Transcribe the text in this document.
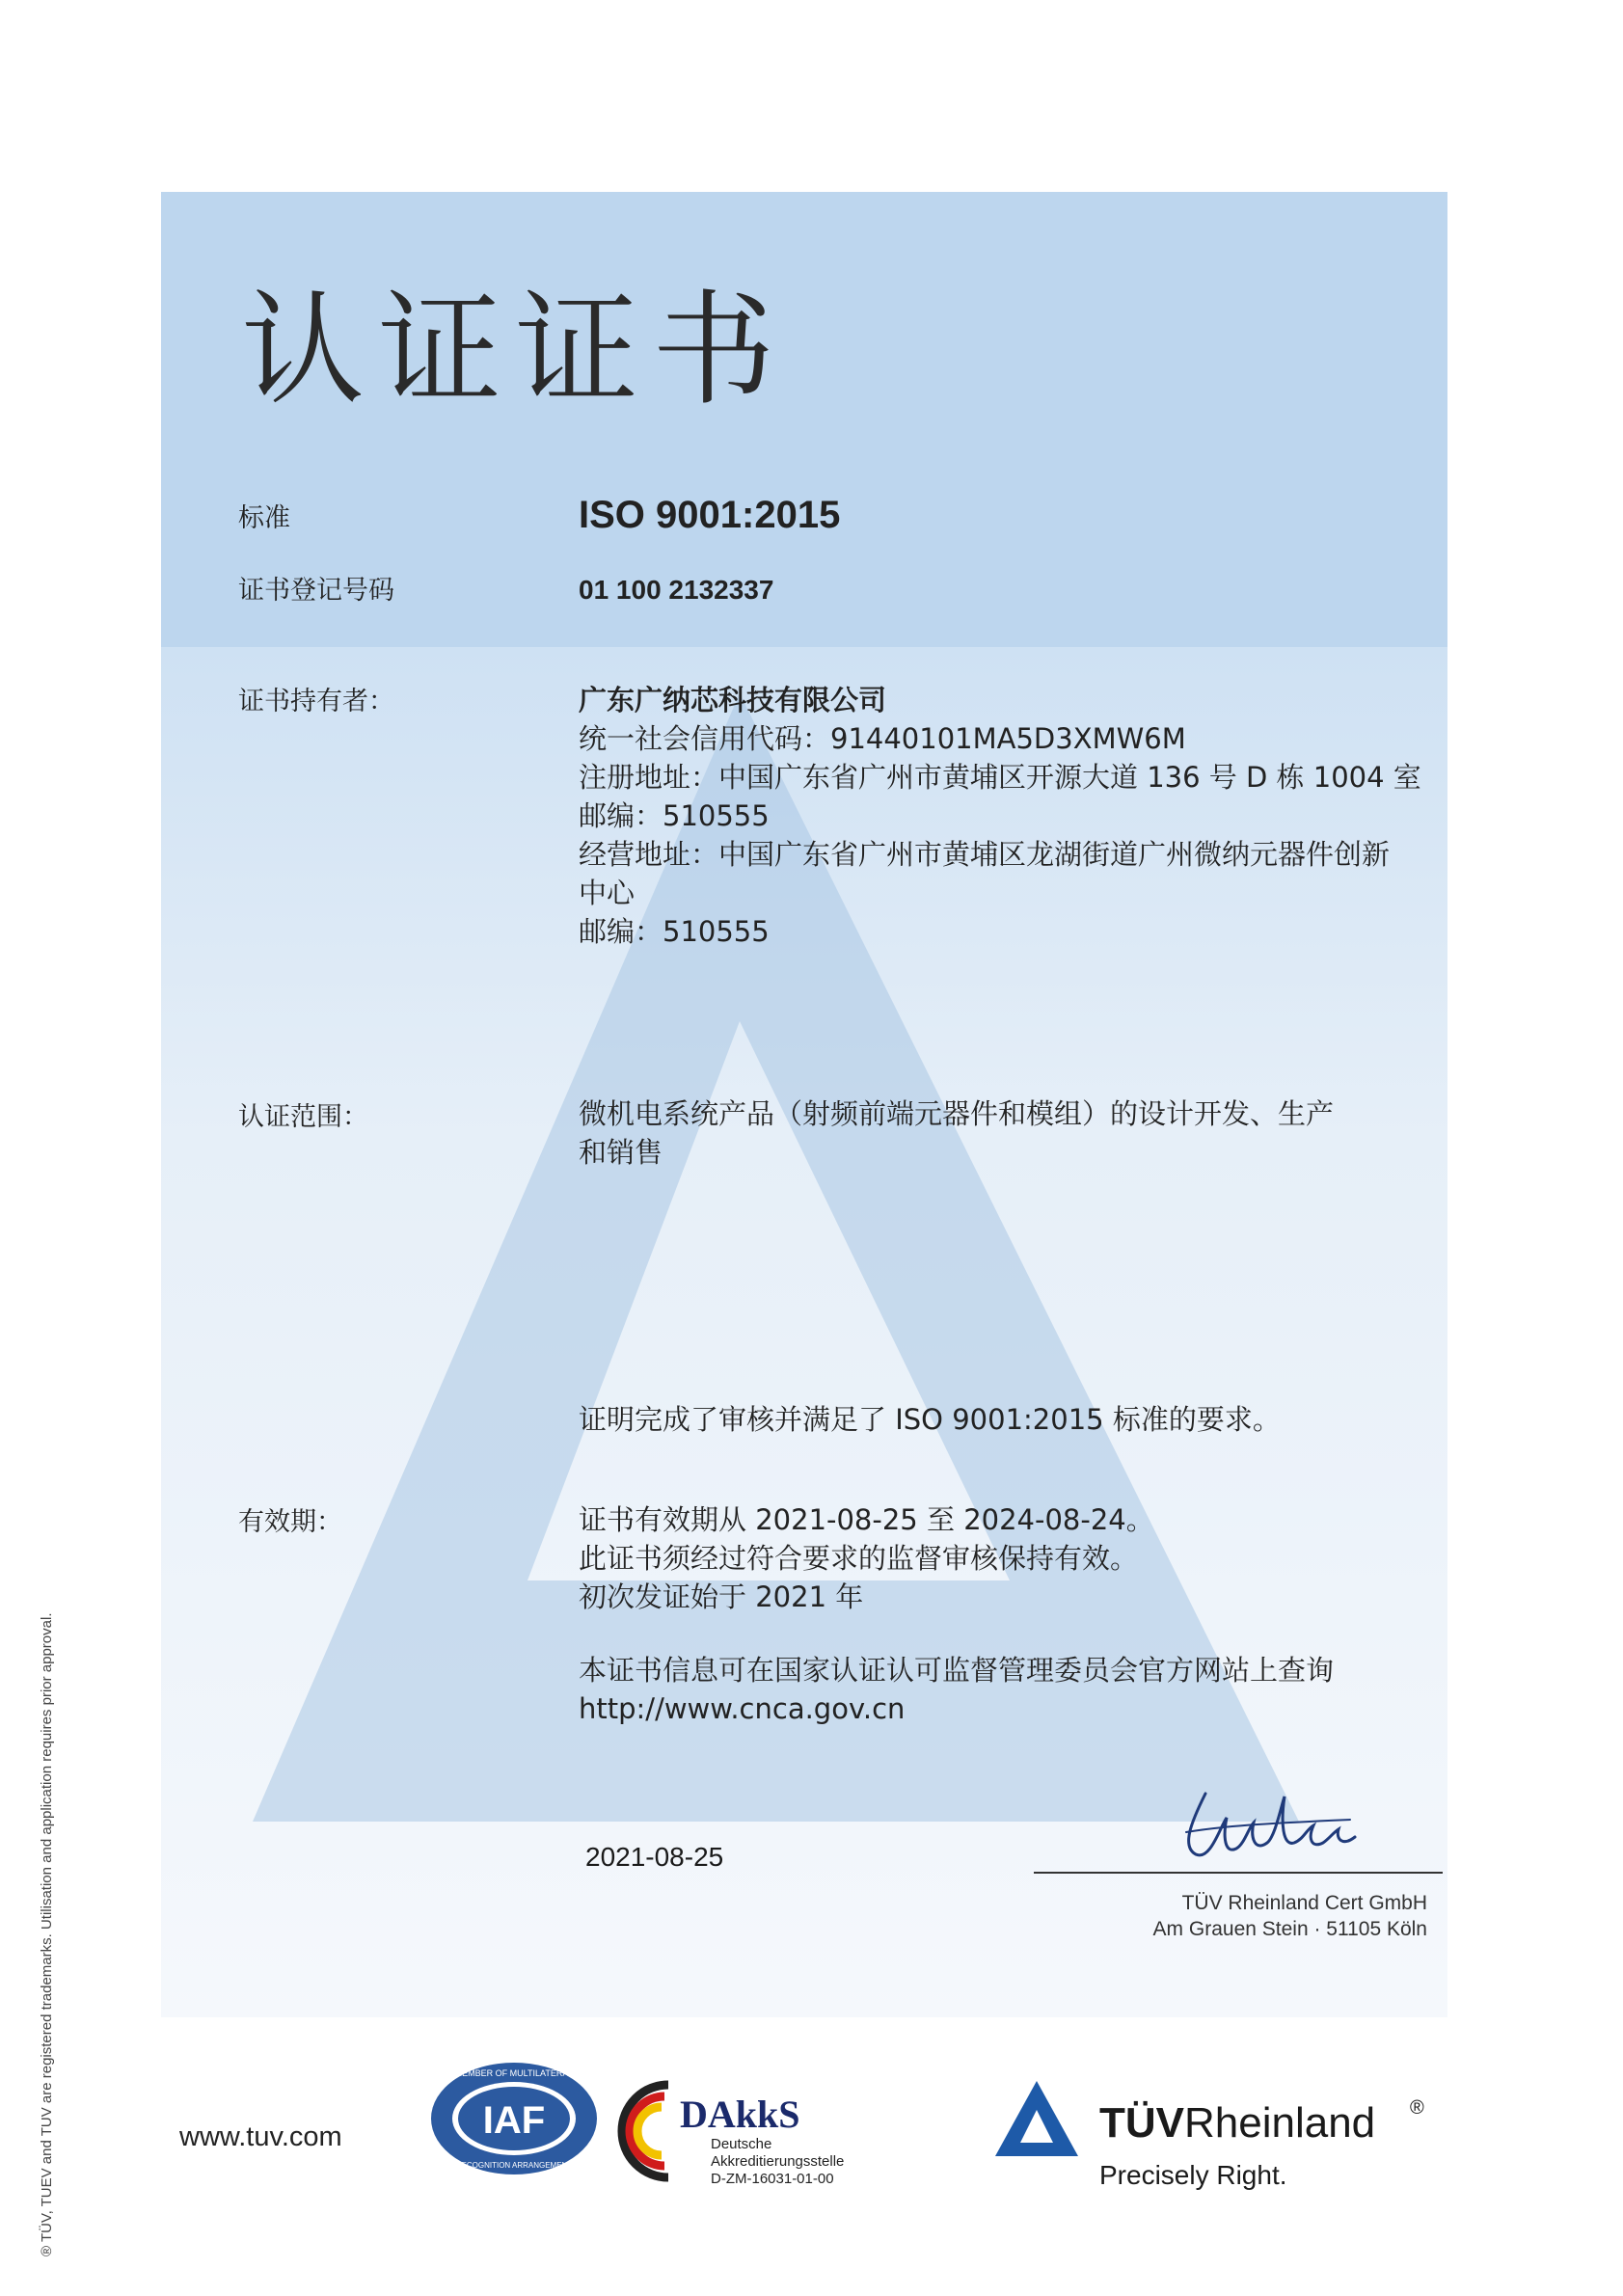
认证证书
标准	ISO 9001:2015
证书登记号码	01 100 2132337
证书持有者：	广东广纳芯科技有限公司
统一社会信用代码：91440101MA5D3XMW6M
注册地址：中国广东省广州市黄埔区开源大道 136 号 D 栋 1004 室
邮编：510555
经营地址：中国广东省广州市黄埔区龙湖街道广州微纳元器件创新
中心
邮编：510555
认证范围：	微机电系统产品（射频前端元器件和模组）的设计开发、生产
和销售
证明完成了审核并满足了 ISO 9001:2015 标准的要求。
有效期：	证书有效期从 2021-08-25 至 2024-08-24。
此证书须经过符合要求的监督审核保持有效。
初次发证始于 2021 年
本证书信息可在国家认证认可监督管理委员会官方网站上查询
http://www.cnca.gov.cn
2021-08-25
TÜV Rheinland Cert GmbH
Am Grauen Stein · 51105 Köln
® TÜV, TUEV and TUV are registered trademarks. Utilisation and application requires prior approval.	www.tuv.com	IAF
MEMBER OF MULTILATERAL
RECOGNITION ARRANGEMENT
DAkkS
Deutsche
Akkreditierungsstelle
D-ZM-16031-01-00
TÜVRheinland ®
Precisely Right.
